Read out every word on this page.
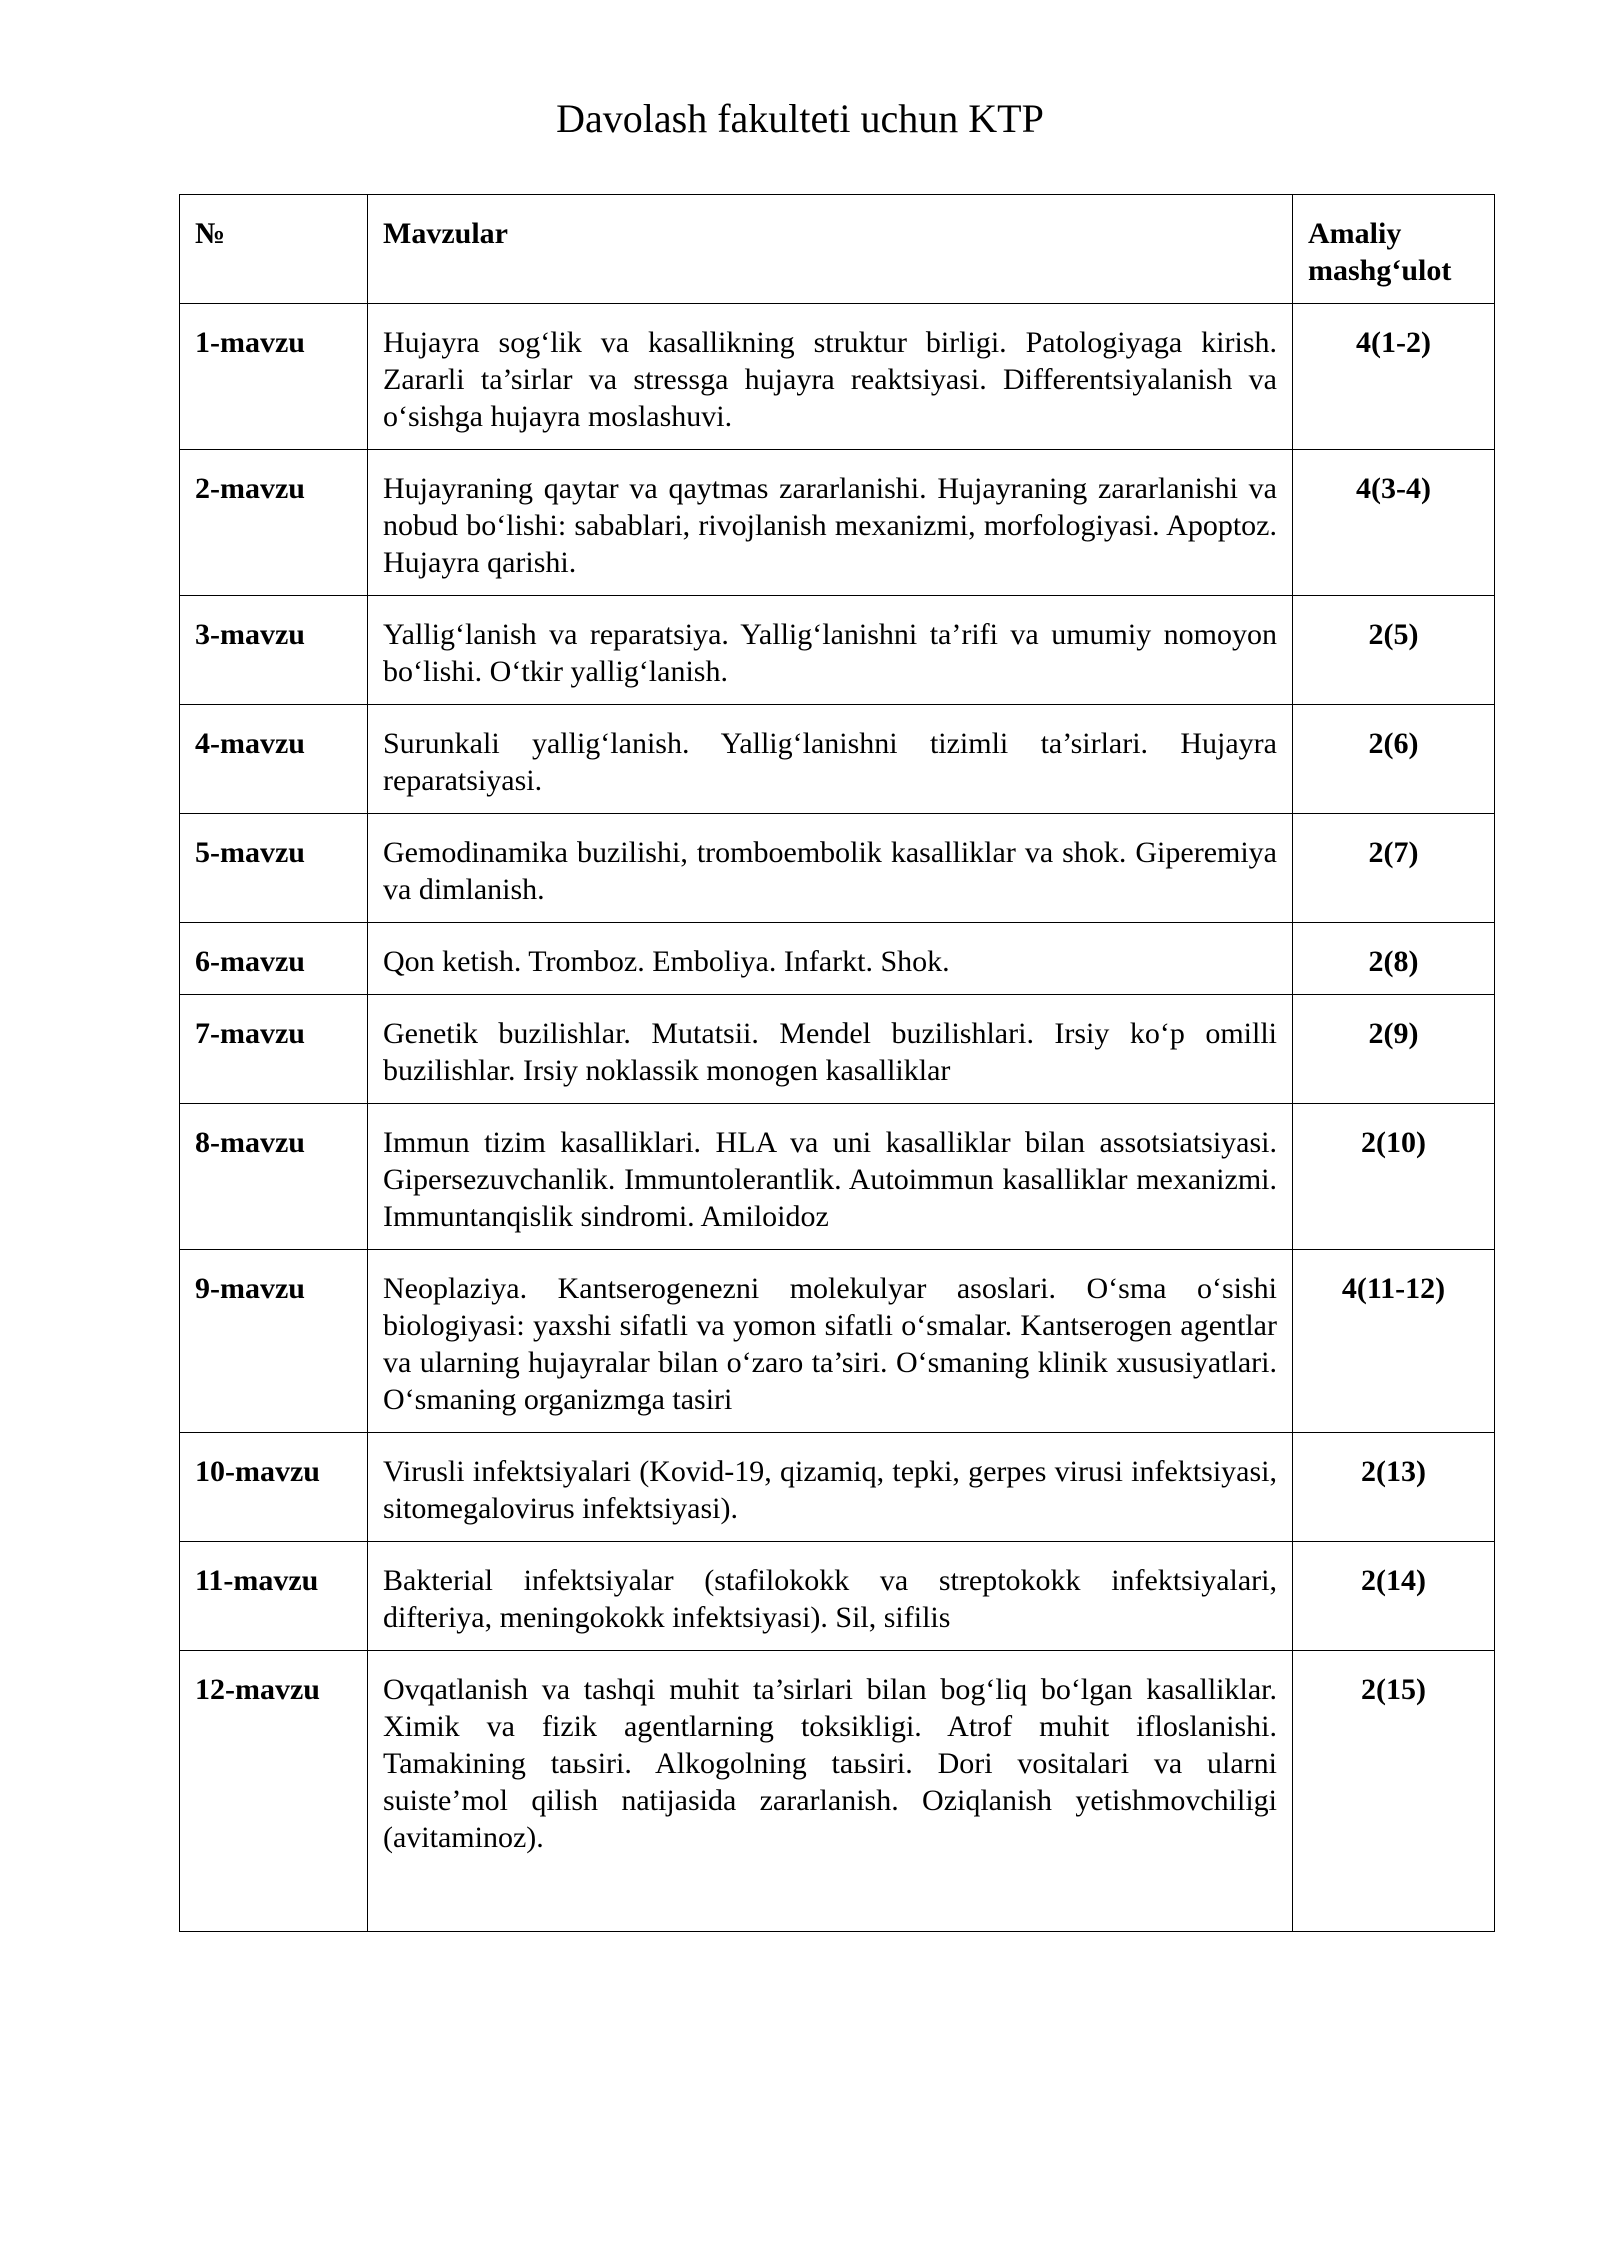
Davolash fakulteti uchun KTP
№	Mavzular	Amaliy mashg‘ulot
1-mavzu	Hujayra sog‘lik va kasallikning struktur birligi. Patologiyaga kirish. Zararli ta’sirlar va stressga hujayra reaktsiyasi. Differentsiyalanish va o‘sishga hujayra moslashuvi.	4(1-2)
2-mavzu	Hujayraning qaytar va qaytmas zararlanishi. Hujayraning zararlanishi va nobud bo‘lishi: sabablari, rivojlanish mexanizmi, morfologiyasi. Apoptoz. Hujayra qarishi.	4(3-4)
3-mavzu	Yallig‘lanish va reparatsiya. Yallig‘lanishni ta’rifi va umumiy nomoyon bo‘lishi. O‘tkir yallig‘lanish.	2(5)
4-mavzu	Surunkali yallig‘lanish. Yallig‘lanishni tizimli ta’sirlari. Hujayra reparatsiyasi.	2(6)
5-mavzu	Gemodinamika buzilishi, tromboembolik kasalliklar va shok. Giperemiya va dimlanish.	2(7)
6-mavzu	Qon ketish. Tromboz. Emboliya. Infarkt. Shok.	2(8)
7-mavzu	Genetik buzilishlar. Mutatsii. Mendel buzilishlari. Irsiy ko‘p omilli buzilishlar. Irsiy noklassik monogen kasalliklar	2(9)
8-mavzu	Immun tizim kasalliklari. HLA va uni kasalliklar bilan assotsiatsiyasi. Gipersezuvchanlik. Immuntolerantlik. Autoimmun kasalliklar mexanizmi. Immuntanqislik sindromi. Amiloidoz	2(10)
9-mavzu	Neoplaziya. Kantserogenezni molekulyar asoslari. O‘sma o‘sishi biologiyasi: yaxshi sifatli va yomon sifatli o‘smalar. Kantserogen agentlar va ularning hujayralar bilan o‘zaro ta’siri. O‘smaning klinik xususiyatlari. O‘smaning organizmga tasiri	4(11-12)
10-mavzu	Virusli infektsiyalari (Kovid-19, qizamiq, tepki, gerpes virusi infektsiyasi, sitomegalovirus infektsiyasi).	2(13)
11-mavzu	Bakterial infektsiyalar (stafilokokk va streptokokk infektsiyalari, difteriya, meningokokk infektsiyasi). Sil, sifilis	2(14)
12-mavzu	Ovqatlanish va tashqi muhit ta’sirlari bilan bog‘liq bo‘lgan kasalliklar. Ximik va fizik agentlarning toksikligi. Atrof muhit ifloslanishi. Tamakining taьsiri. Alkogolning taьsiri. Dori vositalari va ularni suiste’mol qilish natijasida zararlanish. Oziqlanish yetishmovchiligi (avitaminoz).	2(15)
